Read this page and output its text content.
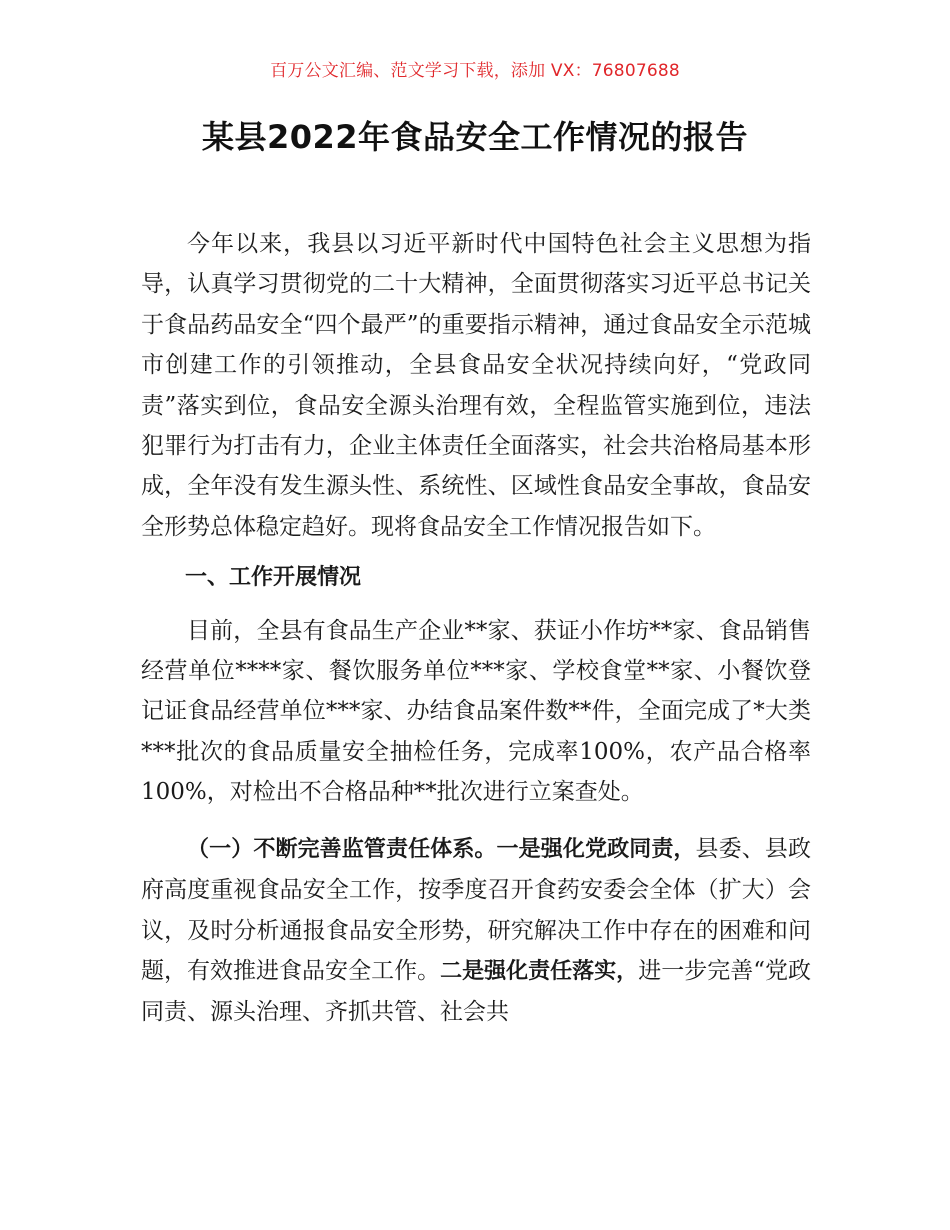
百万公文汇编、范文学习下载，添加 VX：76807688
某县2022年食品安全工作情况的报告

今年以来，我县以习近平新时代中国特色社会主义思想为指导，认真学习贯彻党的二十大精神，全面贯彻落实习近平总书记关于食品药品安全“四个最严”的重要指示精神，通过食品安全示范城市创建工作的引领推动，全县食品安全状况持续向好，“党政同责”落实到位，食品安全源头治理有效，全程监管实施到位，违法犯罪行为打击有力，企业主体责任全面落实，社会共治格局基本形成，全年没有发生源头性、系统性、区域性食品安全事故，食品安全形势总体稳定趋好。现将食品安全工作情况报告如下。

一、工作开展情况

目前，全县有食品生产企业**家、获证小作坊**家、食品销售经营单位****家、餐饮服务单位***家、学校食堂**家、小餐饮登记证食品经营单位***家、办结食品案件数**件，全面完成了*大类***批次的食品质量安全抽检任务，完成率100%，农产品合格率100%，对检出不合格品种**批次进行立案查处。

（一）不断完善监管责任体系。一是强化党政同责，县委、县政府高度重视食品安全工作，按季度召开食药安委会全体（扩大）会议，及时分析通报食品安全形势，研究解决工作中存在的困难和问题，有效推进食品安全工作。二是强化责任落实，进一步完善“党政同责、源头治理、齐抓共管、社会共
